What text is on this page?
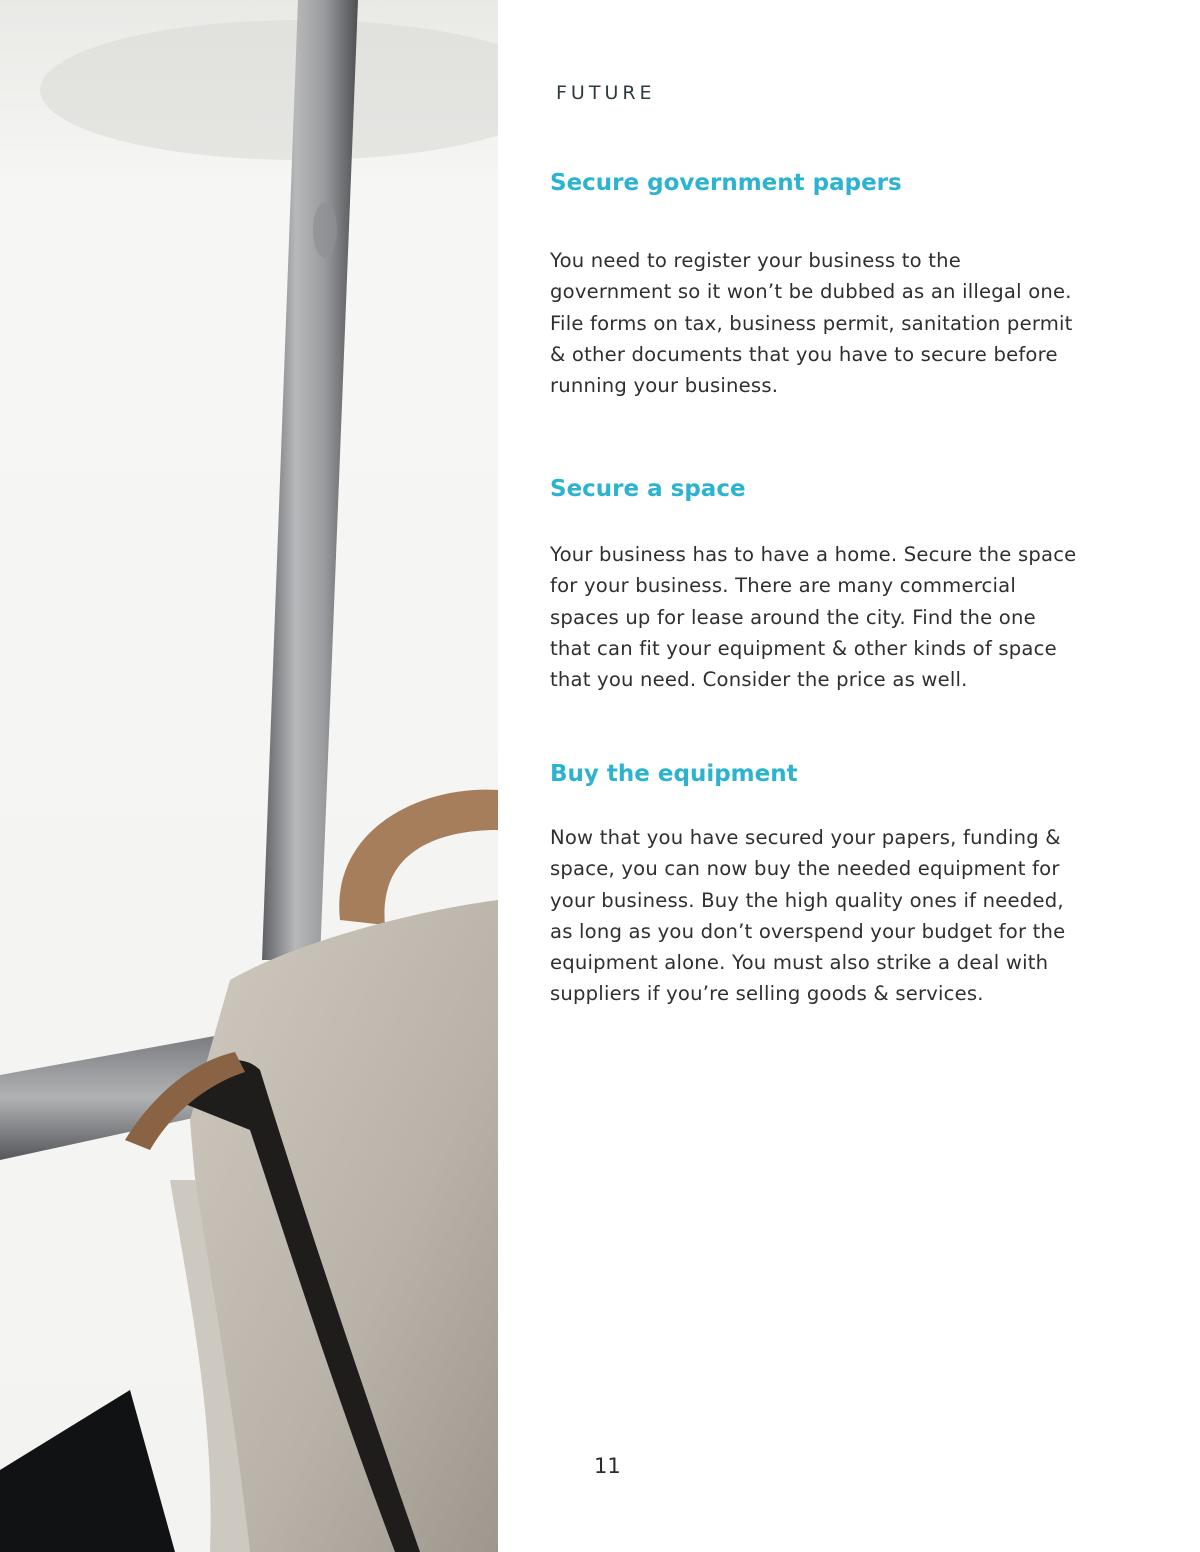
FUTURE
Secure government papers
You need to register your business to the
government so it won’t be dubbed as an illegal one.
File forms on tax, business permit, sanitation permit
& other documents that you have to secure before
running your business.
Secure a space
Your business has to have a home. Secure the space
for your business. There are many commercial
spaces up for lease around the city. Find the one
that can fit your equipment & other kinds of space
that you need. Consider the price as well.
Buy the equipment
Now that you have secured your papers, funding &
space, you can now buy the needed equipment for
your business. Buy the high quality ones if needed,
as long as you don’t overspend your budget for the
equipment alone. You must also strike a deal with
suppliers if you’re selling goods & services.
11
